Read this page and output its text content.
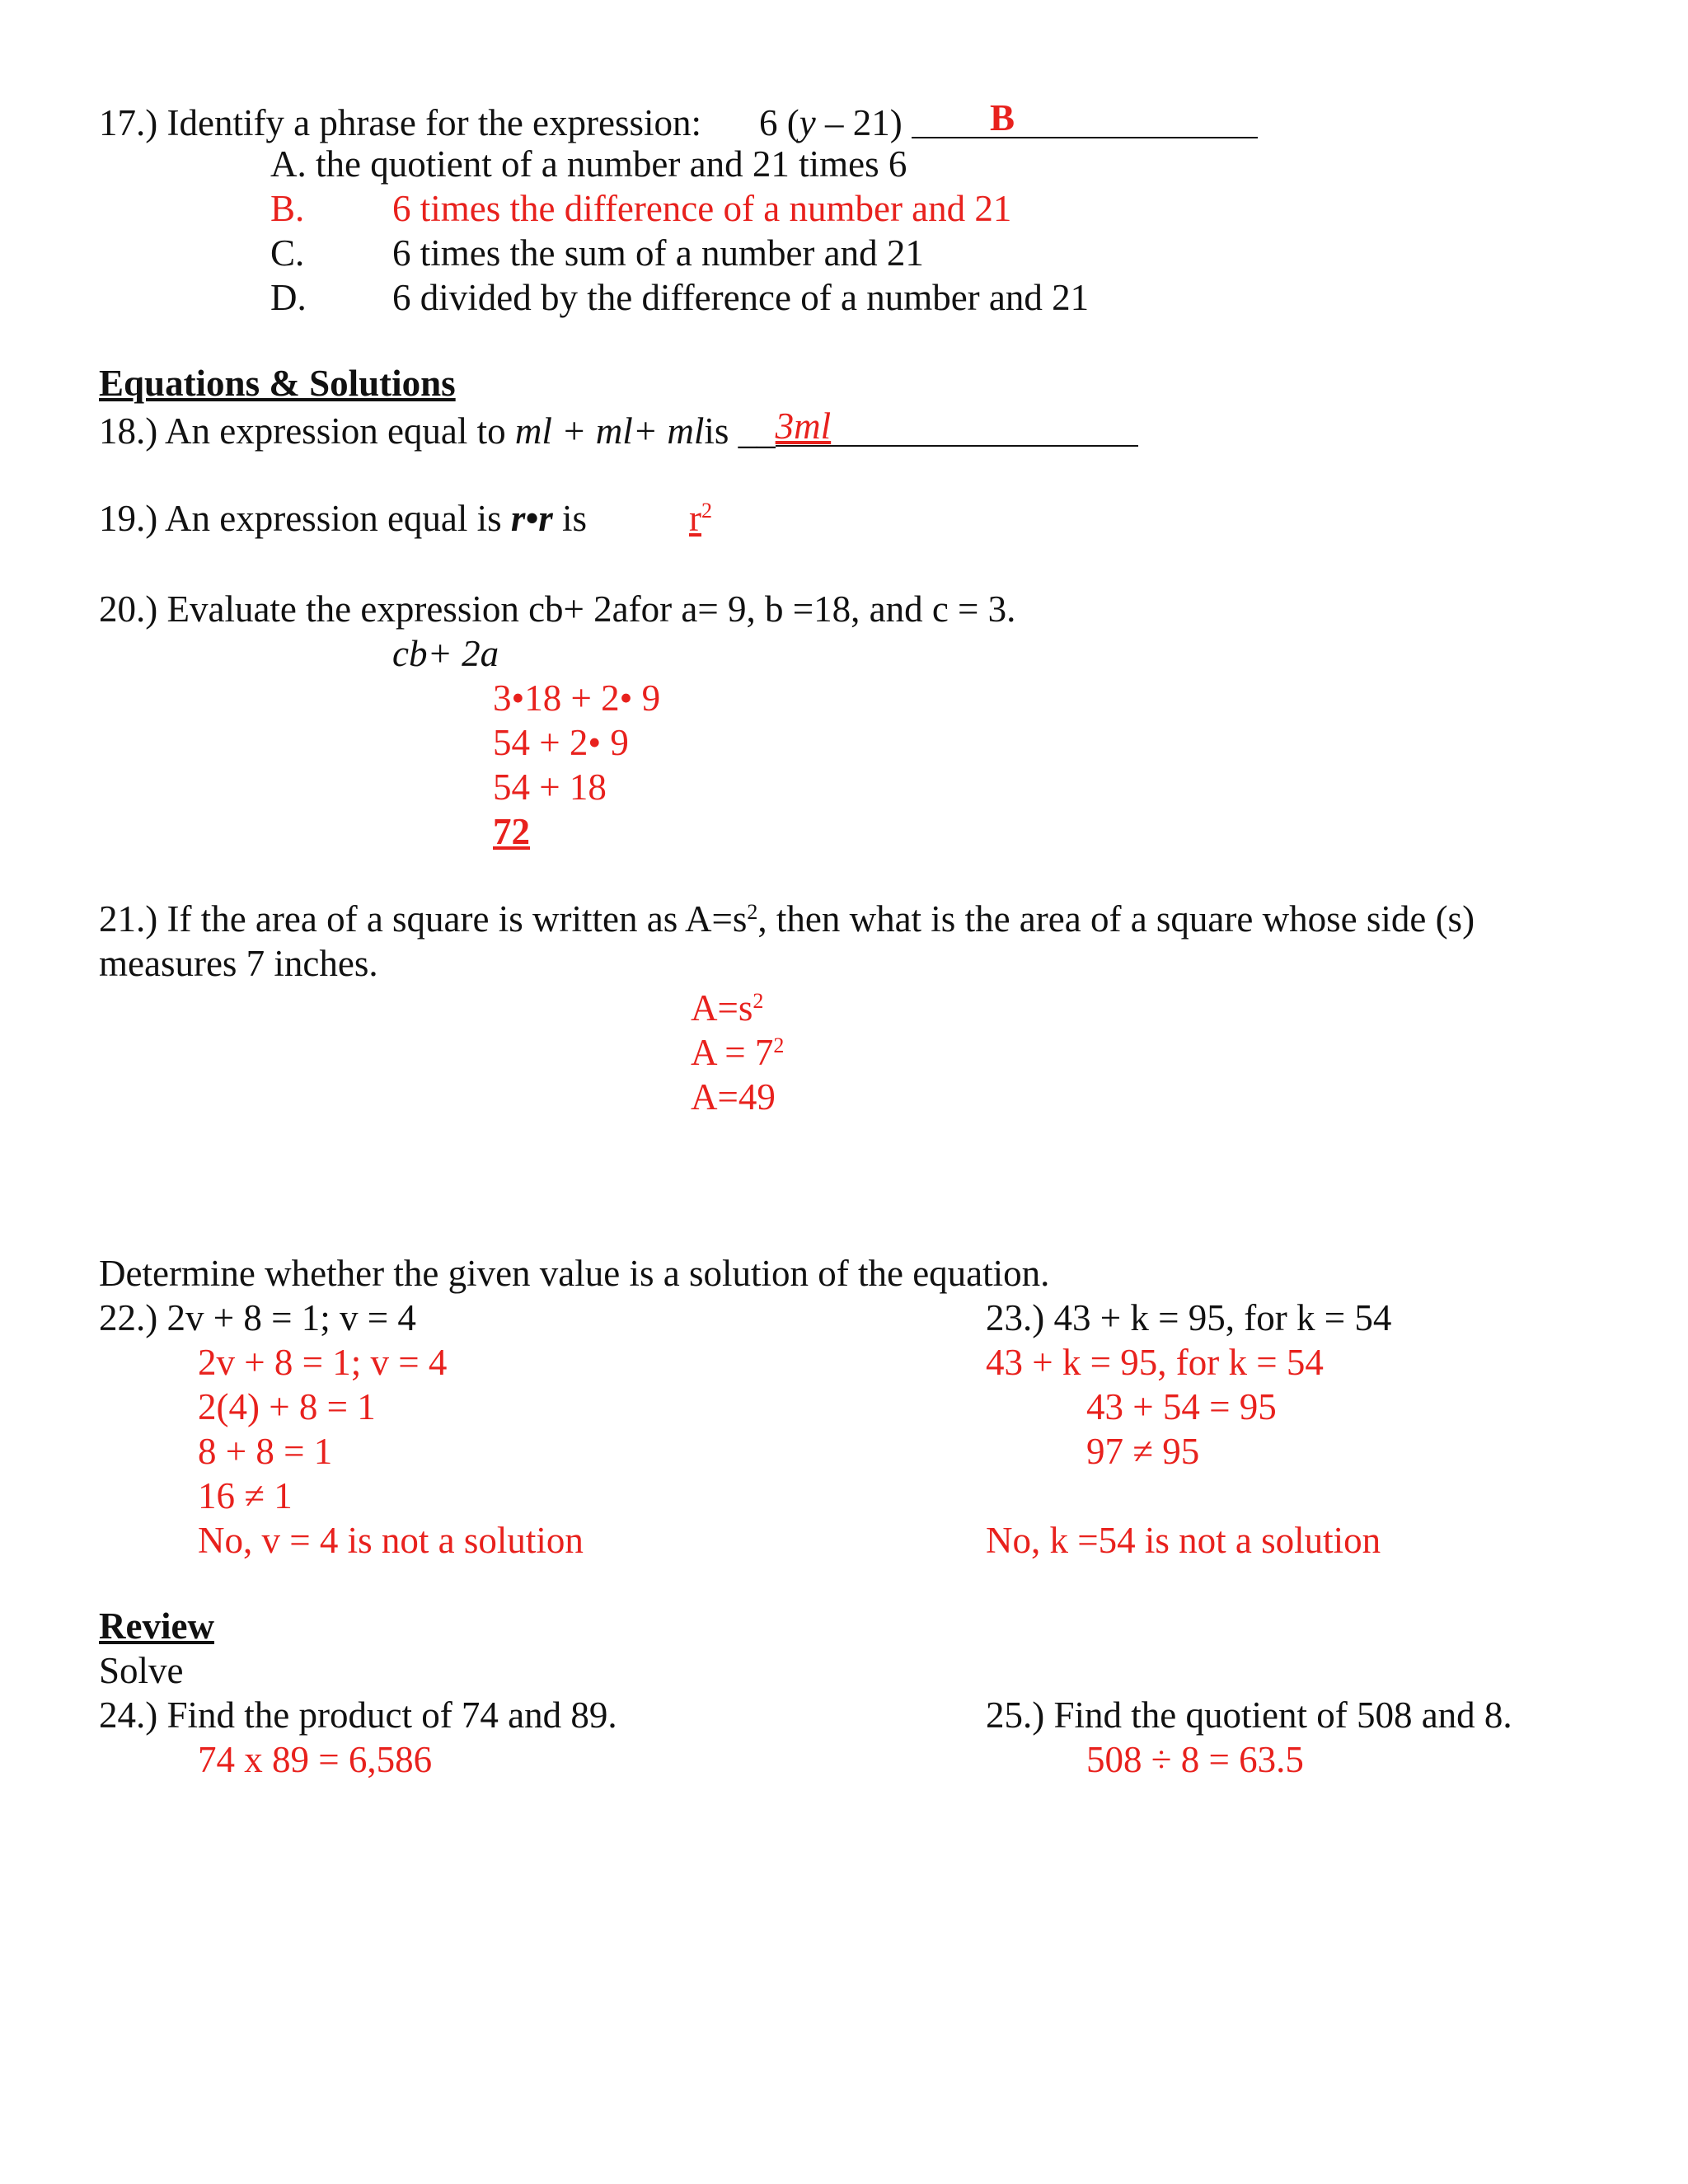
17.) Identify a phrase for the expression: 6 (y – 21) B
A. the quotient of a number and 21 times 6
B. 6 times the difference of a number and 21
C. 6 times the sum of a number and 21
D. 6 divided by the difference of a number and 21
Equations & Solutions
18.) An expression equal to ml + ml+ mlis __ 3ml
19.) An expression equal is r•r is	$r^2$
20.) Evaluate the expression cb+ 2afor a= 9, b =18, and c = 3.
cb+ 2a
3•18 + 2• 9
54 + 2• 9
54 + 18
72
21.) If the area of a square is written as $A=s^2$, then what is the area of a square whose side (s)
measures 7 inches.
$A=s^2$
$A = 7^2$
A=49
Determine whether the given value is a solution of the equation.
22.) 2v + 8 = 1; v = 4
2v + 8 = 1; v = 4
2(4) + 8 = 1
8 + 8 = 1
16 ≠ 1
No, v = 4 is not a solution
23.) 43 + k = 95, for k = 54
43 + k = 95, for k = 54
43 + 54 = 95
97 ≠ 95
No, k =54 is not a solution
Review
Solve
24.) Find the product of 74 and 89.
74 x 89 = 6,586
25.) Find the quotient of 508 and 8.
508 ÷ 8 = 63.5
